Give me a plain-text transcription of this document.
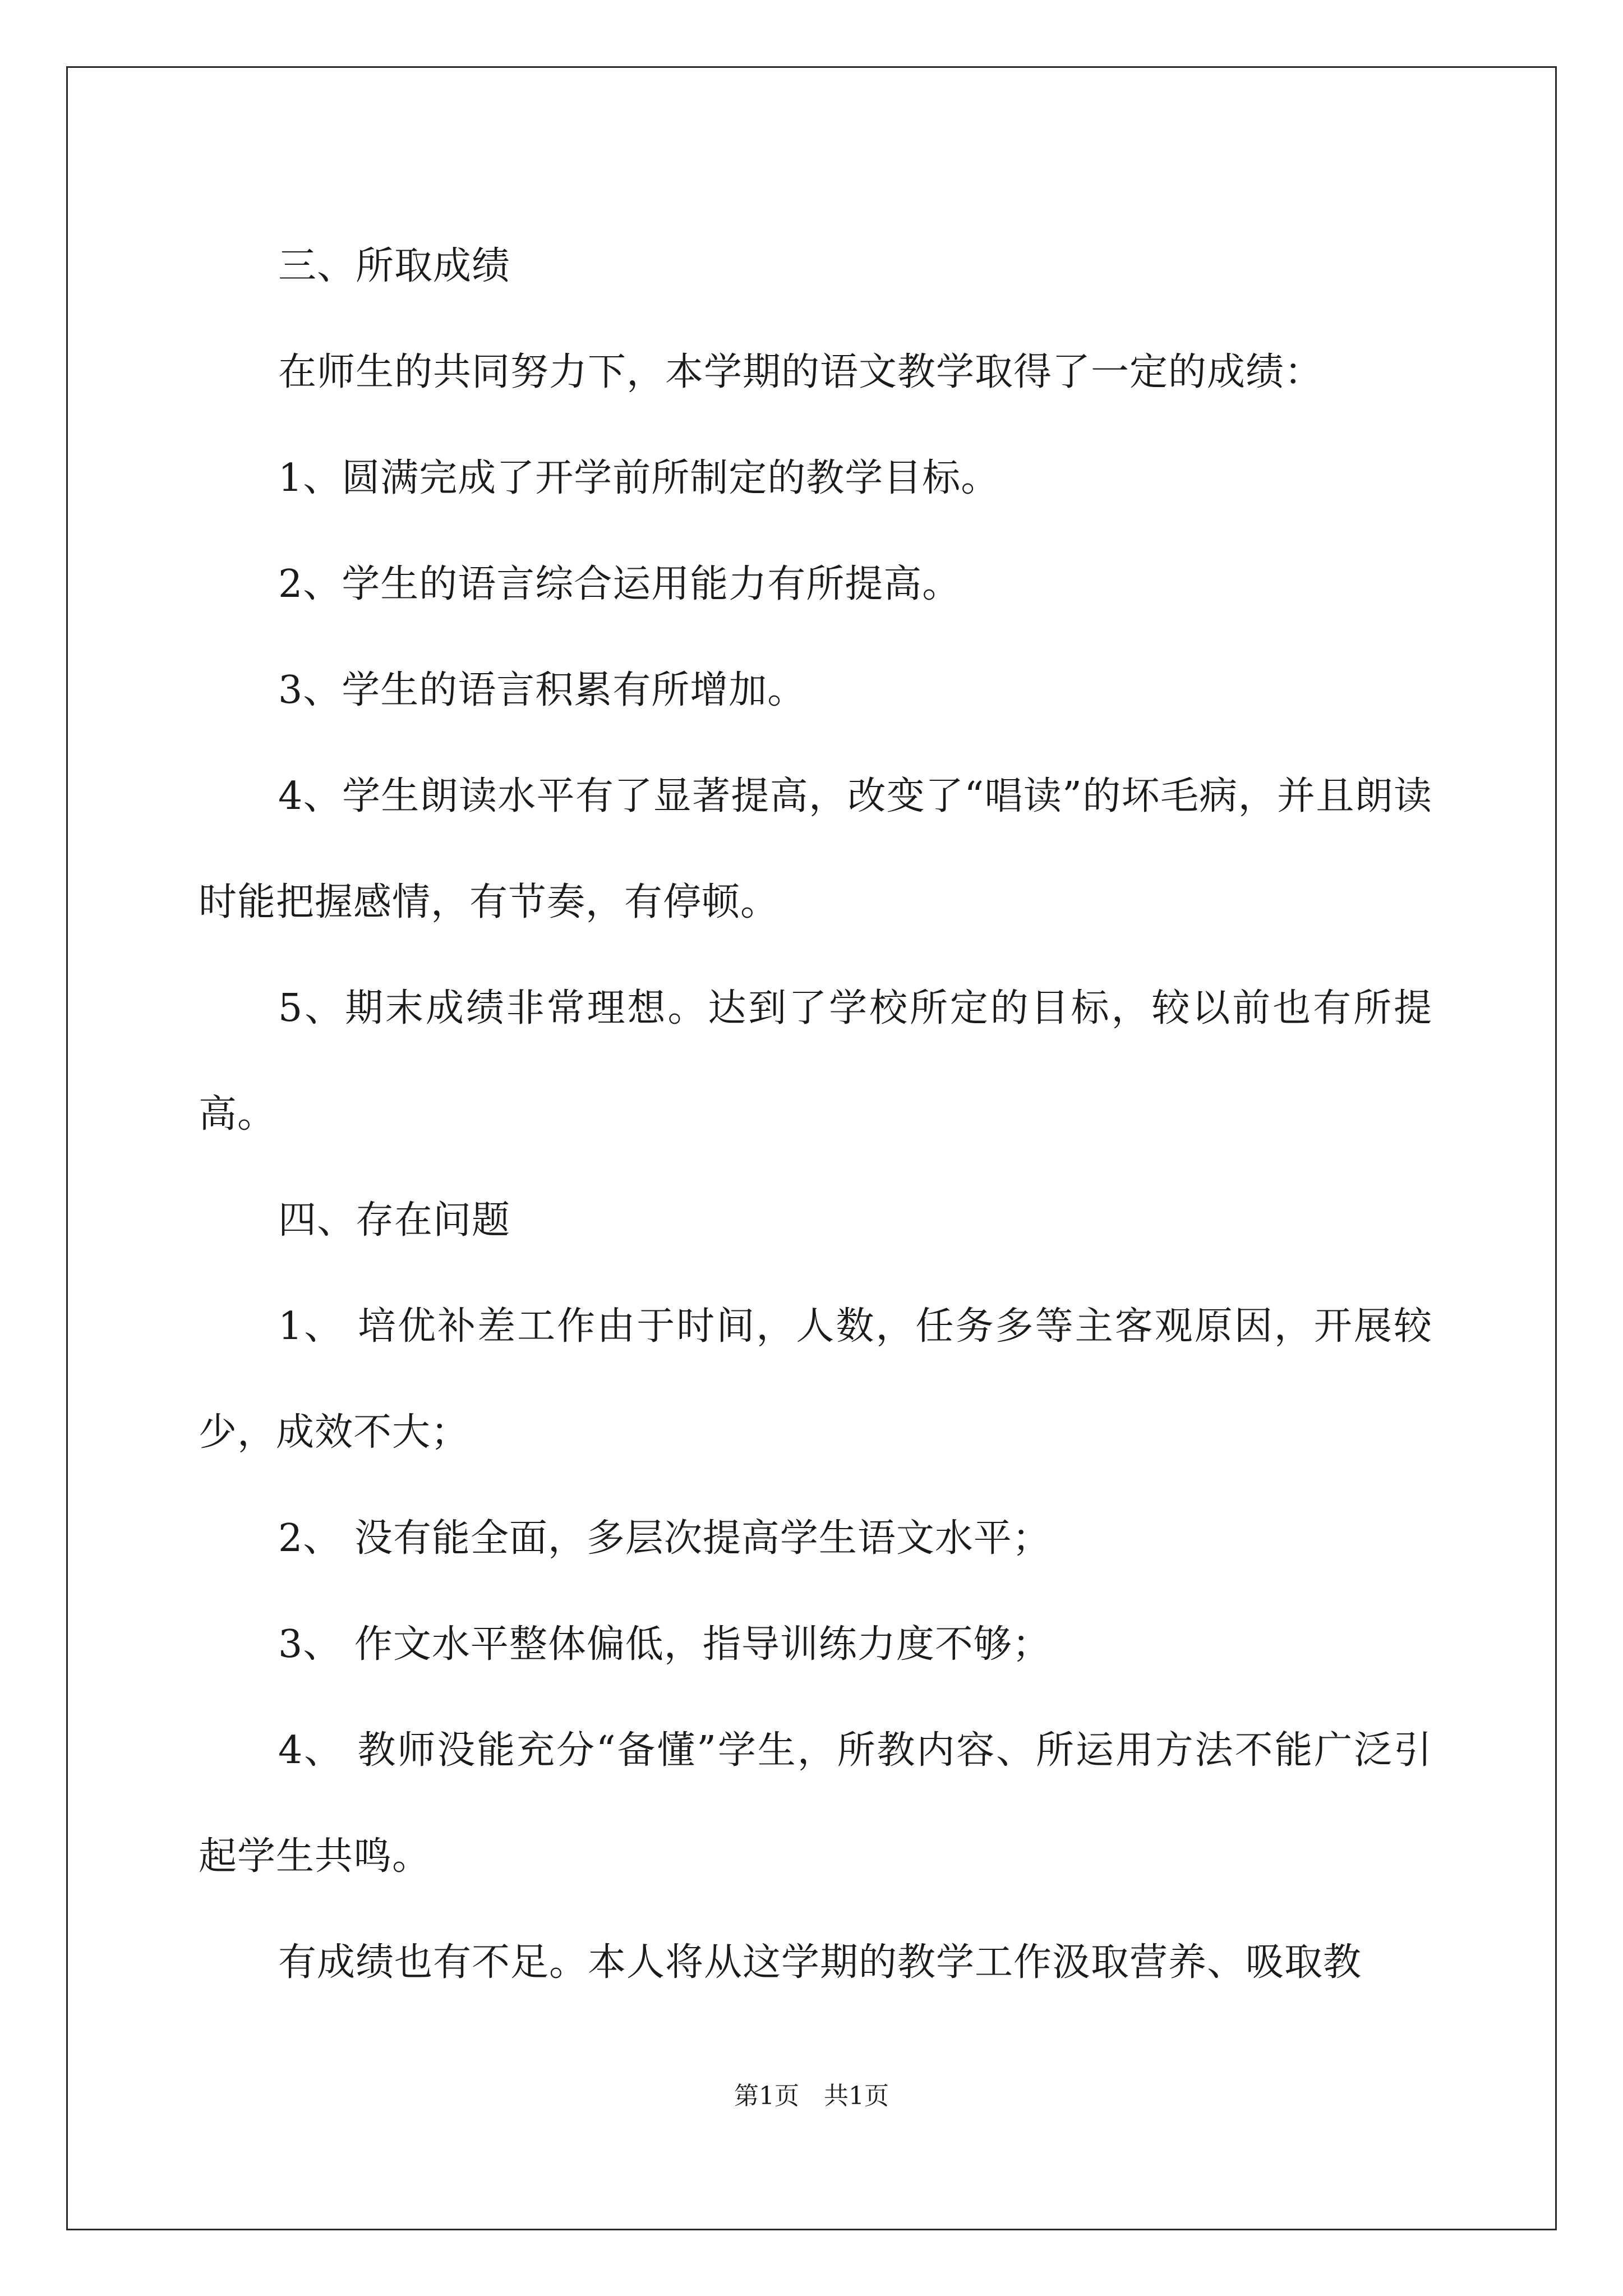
三、所取成绩

在师生的共同努力下，本学期的语文教学取得了一定的成绩：

1、圆满完成了开学前所制定的教学目标。

2、学生的语言综合运用能力有所提高。

3、学生的语言积累有所增加。

4、学生朗读水平有了显著提高，改变了“唱读”的坏毛病，并且朗读时能把握感情，有节奏，有停顿。

5、期末成绩非常理想。达到了学校所定的目标，较以前也有所提高。

四、存在问题

1、 培优补差工作由于时间，人数，任务多等主客观原因，开展较少，成效不大；

2、 没有能全面，多层次提高学生语文水平；

3、 作文水平整体偏低，指导训练力度不够；

4、 教师没能充分“备懂”学生，所教内容、所运用方法不能广泛引起学生共鸣。

有成绩也有不足。本人将从这学期的教学工作汲取营养、吸取教

第1页　共1页
